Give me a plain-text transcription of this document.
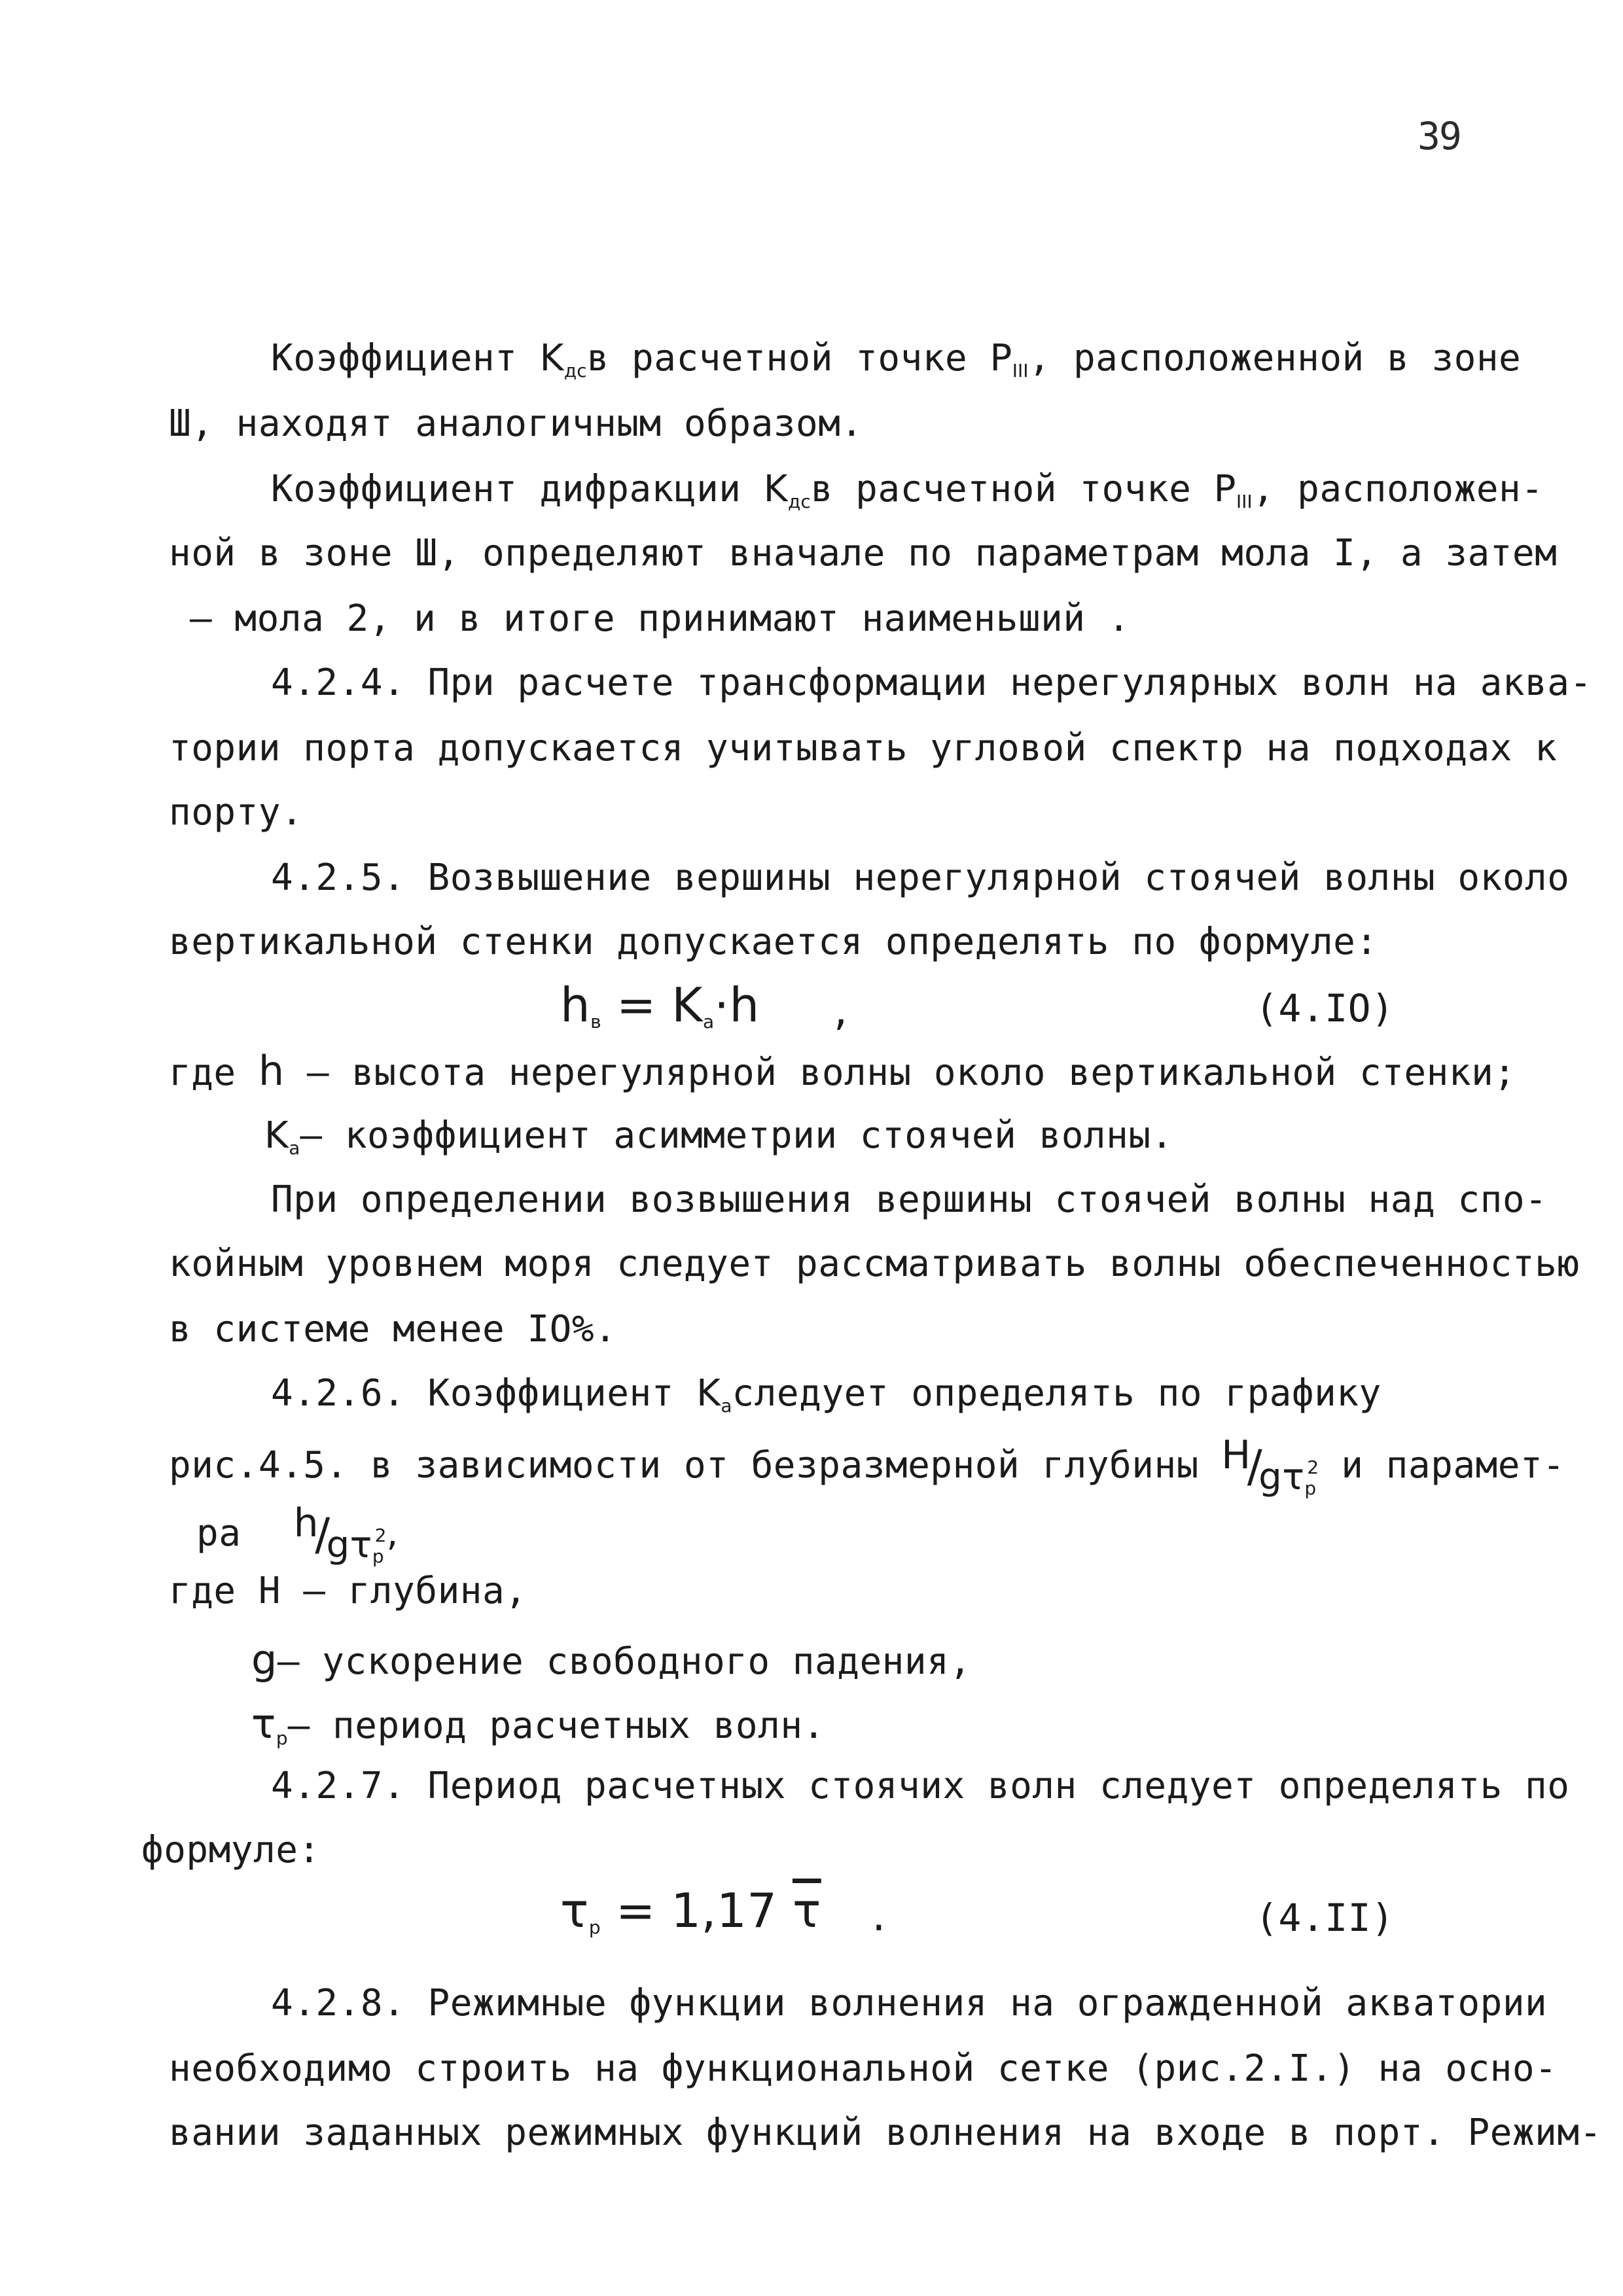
39
Коэффициент $K_{дс}в$ расчетной точке $P_{III}$, расположенной в зоне
Ш, находят аналогичным образом.
Коэффициент дифракции $K_{дс}в$ расчетной точке $P_{III}$, расположен-
ной в зоне Ш, определяют вначале по параметрам мола I, а затем
– мола 2, и в итоге принимают наименьший .
4.2.4. При расчете трансформации нерегулярных волн на аква-
тории порта допускается учитывать угловой спектр на подходах к
порту.
4.2.5. Возвышение вершины нерегулярной стоячей волны около
вертикальной стенки допускается определять по формуле:
$h_в = K_a\cdot h$ ,	(4.IO)
где h – высота нерегулярной волны около вертикальной стенки;
$K_a-$ коэффициент асимметрии стоячей волны.
При определении возвышения вершины стоячей волны над спо-
койным уровнем моря следует рассматривать волны обеспеченностью
в системе менее IO%.
4.2.6. Коэффициент $K_aследует$ определять по графику
рис.4.5. в зависимости от безразмерной глубины $H/g\tau_p^2$ и парамет-
ра $h/g\tau_p^2$,
где H – глубина,
g– ускорение свободного падения,
$\tau_p-$ период расчетных волн.
4.2.7. Период расчетных стоячих волн следует определять по
формуле:
$\tau_p = 1,17$ $\overline{\tau}$ .	(4.II)
4.2.8. Режимные функции волнения на огражденной акватории
необходимо строить на функциональной сетке (рис.2.I.) на осно-
вании заданных режимных функций волнения на входе в порт. Режим-
